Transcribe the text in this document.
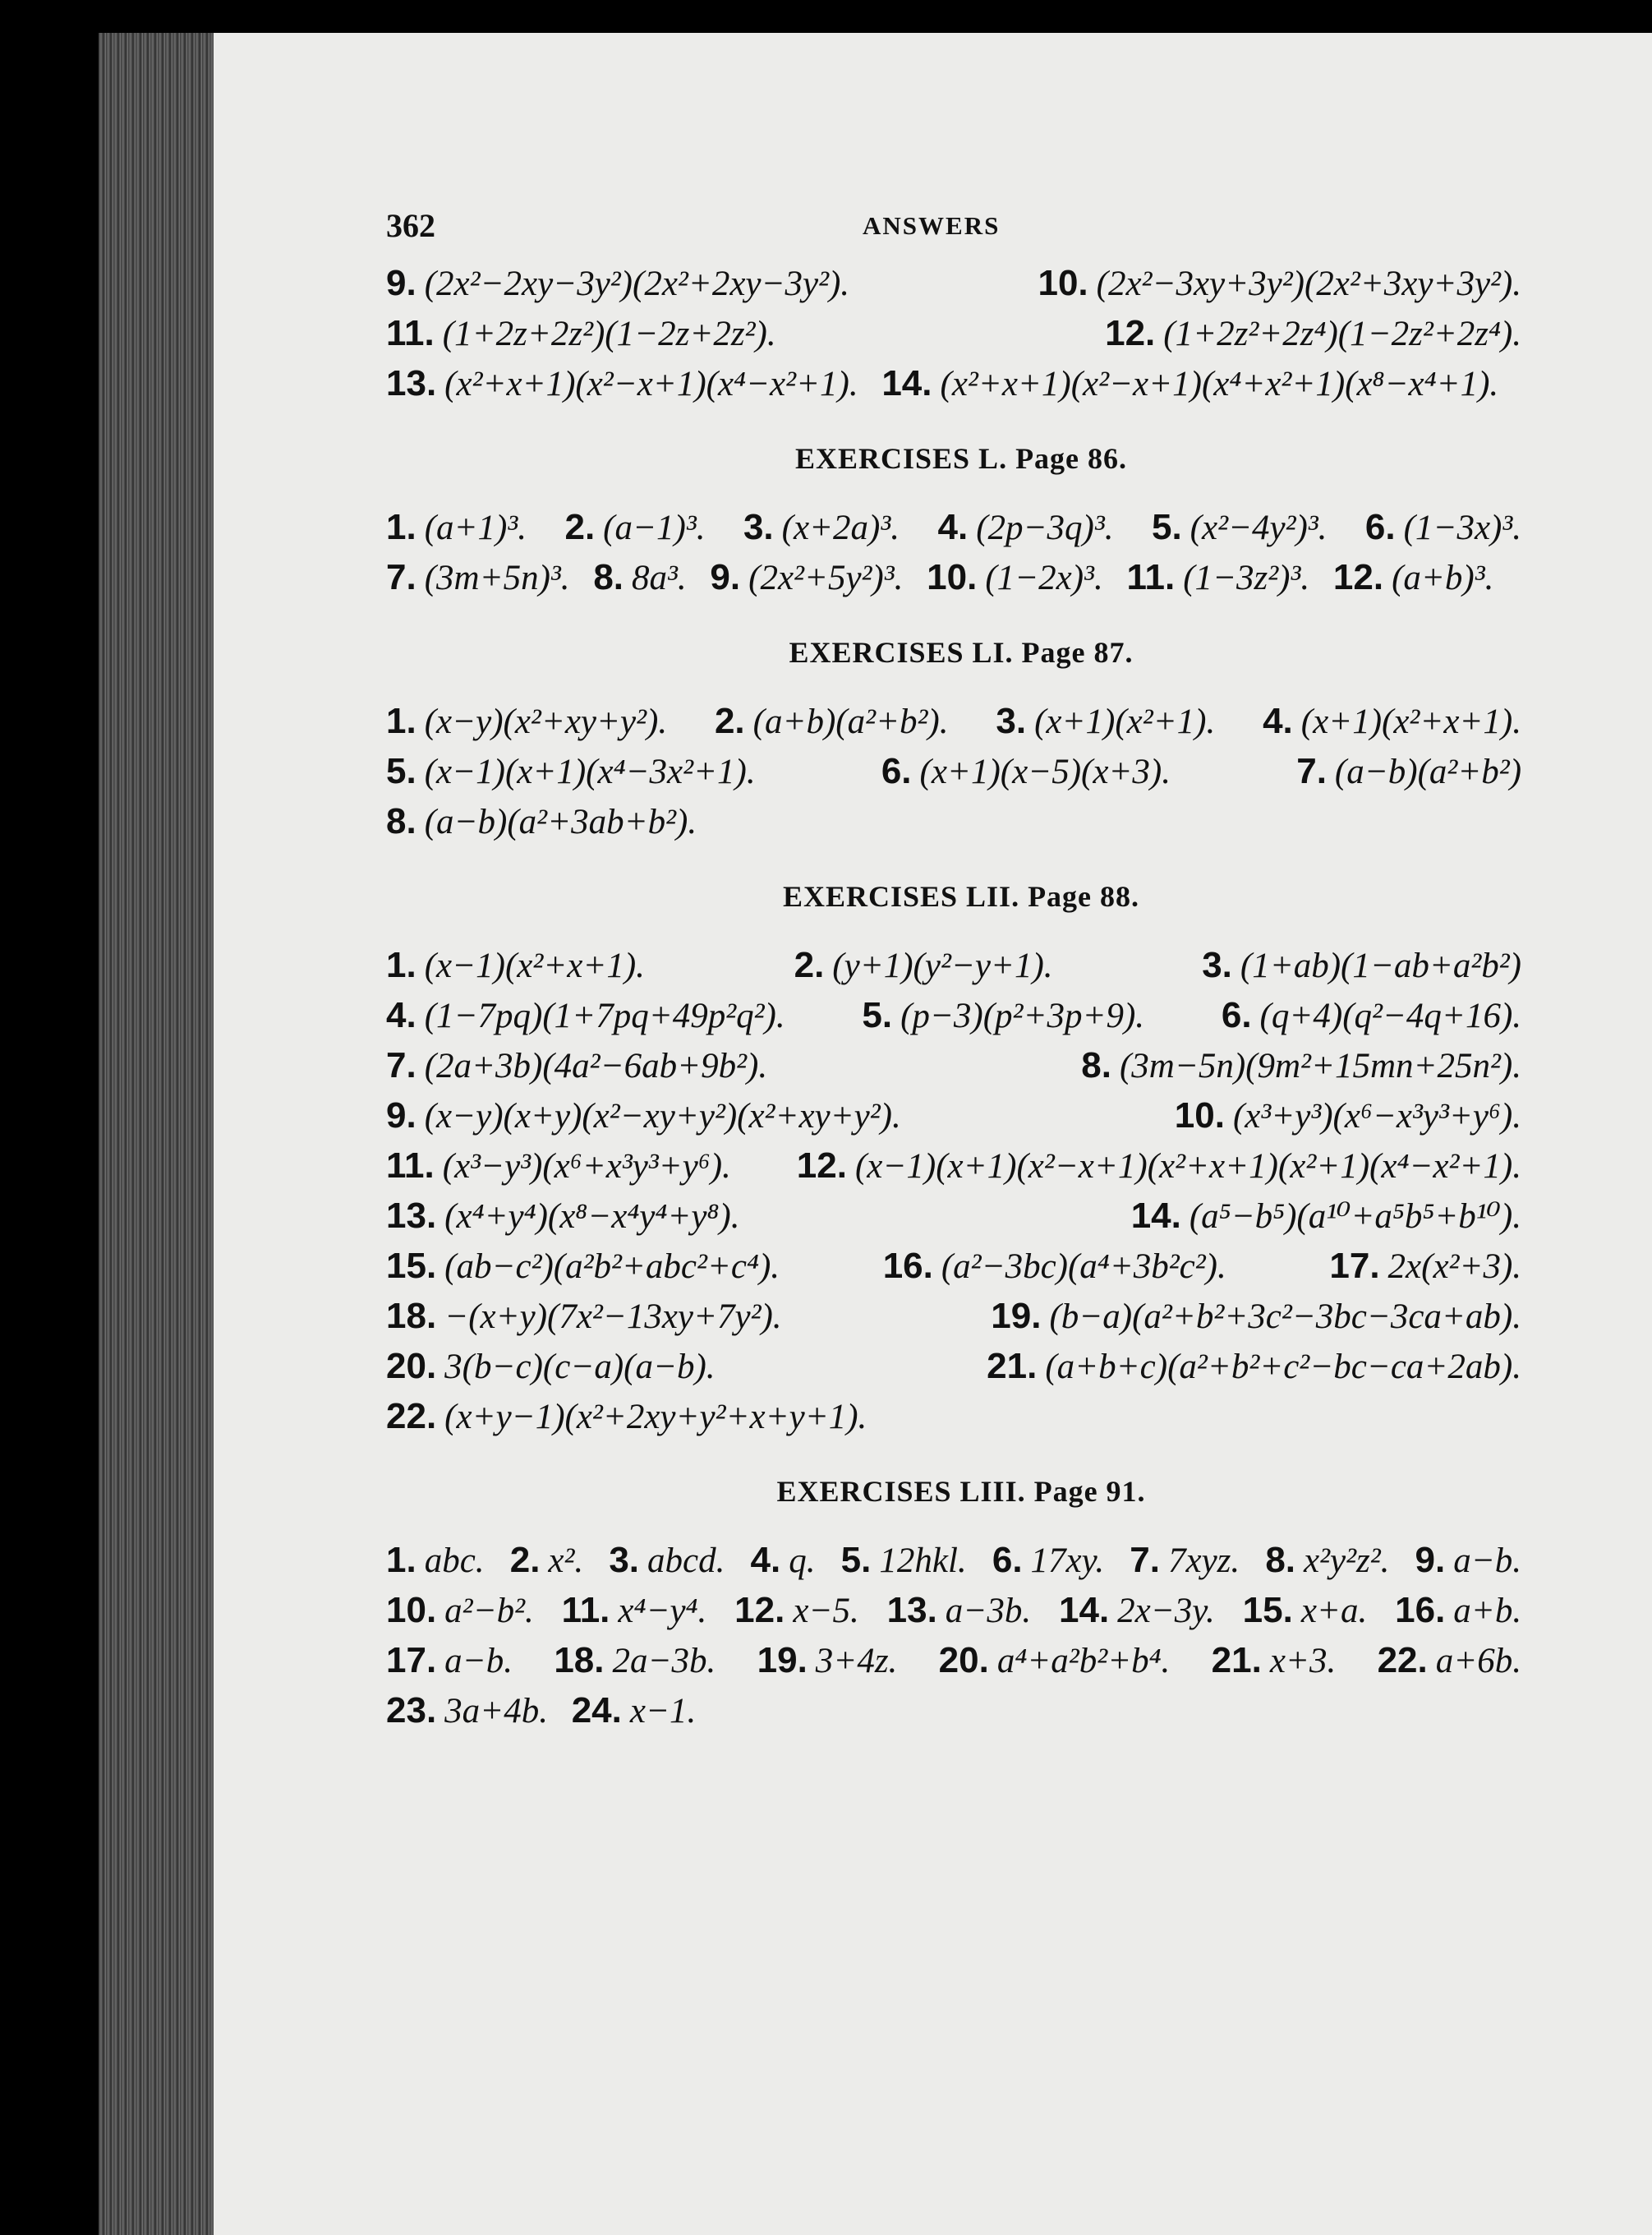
362	ANSWERS
9. (2x²−2xy−3y²)(2x²+2xy−3y²).	10. (2x²−3xy+3y²)(2x²+3xy+3y²). 11. (1+2z+2z²)(1−2z+2z²).	12. (1+2z²+2z⁴)(1−2z²+2z⁴). 13. (x²+x+1)(x²−x+1)(x⁴−x²+1). 14. (x²+x+1)(x²−x+1)(x⁴+x²+1)(x⁸−x⁴+1).
EXERCISES L. Page 86.
1. (a+1)³. 2. (a−1)³. 3. (x+2a)³. 4. (2p−3q)³. 5. (x²−4y²)³. 6. (1−3x)³. 7. (3m+5n)³. 8. 8a³. 9. (2x²+5y²)³. 10. (1−2x)³. 11. (1−3z²)³. 12. (a+b)³.
EXERCISES LI. Page 87.
1. (x−y)(x²+xy+y²). 2. (a+b)(a²+b²). 3. (x+1)(x²+1). 4. (x+1)(x²+x+1). 5. (x−1)(x+1)(x⁴−3x²+1).	6. (x+1)(x−5)(x+3).	7. (a−b)(a²+b²) 8. (a−b)(a²+3ab+b²).
EXERCISES LII. Page 88.
1. (x−1)(x²+x+1).	2. (y+1)(y²−y+1).	3. (1+ab)(1−ab+a²b²) 4. (1−7pq)(1+7pq+49p²q²). 5. (p−3)(p²+3p+9). 6. (q+4)(q²−4q+16). 7. (2a+3b)(4a²−6ab+9b²).	8. (3m−5n)(9m²+15mn+25n²). 9. (x−y)(x+y)(x²−xy+y²)(x²+xy+y²).	10. (x³+y³)(x⁶−x³y³+y⁶). 11. (x³−y³)(x⁶+x³y³+y⁶). 12. (x−1)(x+1)(x²−x+1)(x²+x+1)(x²+1)(x⁴−x²+1). 13. (x⁴+y⁴)(x⁸−x⁴y⁴+y⁸).	14. (a⁵−b⁵)(a¹⁰+a⁵b⁵+b¹⁰). 15. (ab−c²)(a²b²+abc²+c⁴).	16. (a²−3bc)(a⁴+3b²c²).	17. 2x(x²+3). 18. −(x+y)(7x²−13xy+7y²).	19. (b−a)(a²+b²+3c²−3bc−3ca+ab). 20. 3(b−c)(c−a)(a−b).	21. (a+b+c)(a²+b²+c²−bc−ca+2ab). 22. (x+y−1)(x²+2xy+y²+x+y+1).
EXERCISES LIII. Page 91.
1. abc. 2. x². 3. abcd. 4. q. 5. 12hkl. 6. 17xy. 7. 7xyz. 8. x²y²z². 9. a−b. 10. a²−b². 11. x⁴−y⁴. 12. x−5. 13. a−3b. 14. 2x−3y. 15. x+a. 16. a+b. 17. a−b. 18. 2a−3b. 19. 3+4z. 20. a⁴+a²b²+b⁴. 21. x+3. 22. a+6b. 23. 3a+4b. 24. x−1.
